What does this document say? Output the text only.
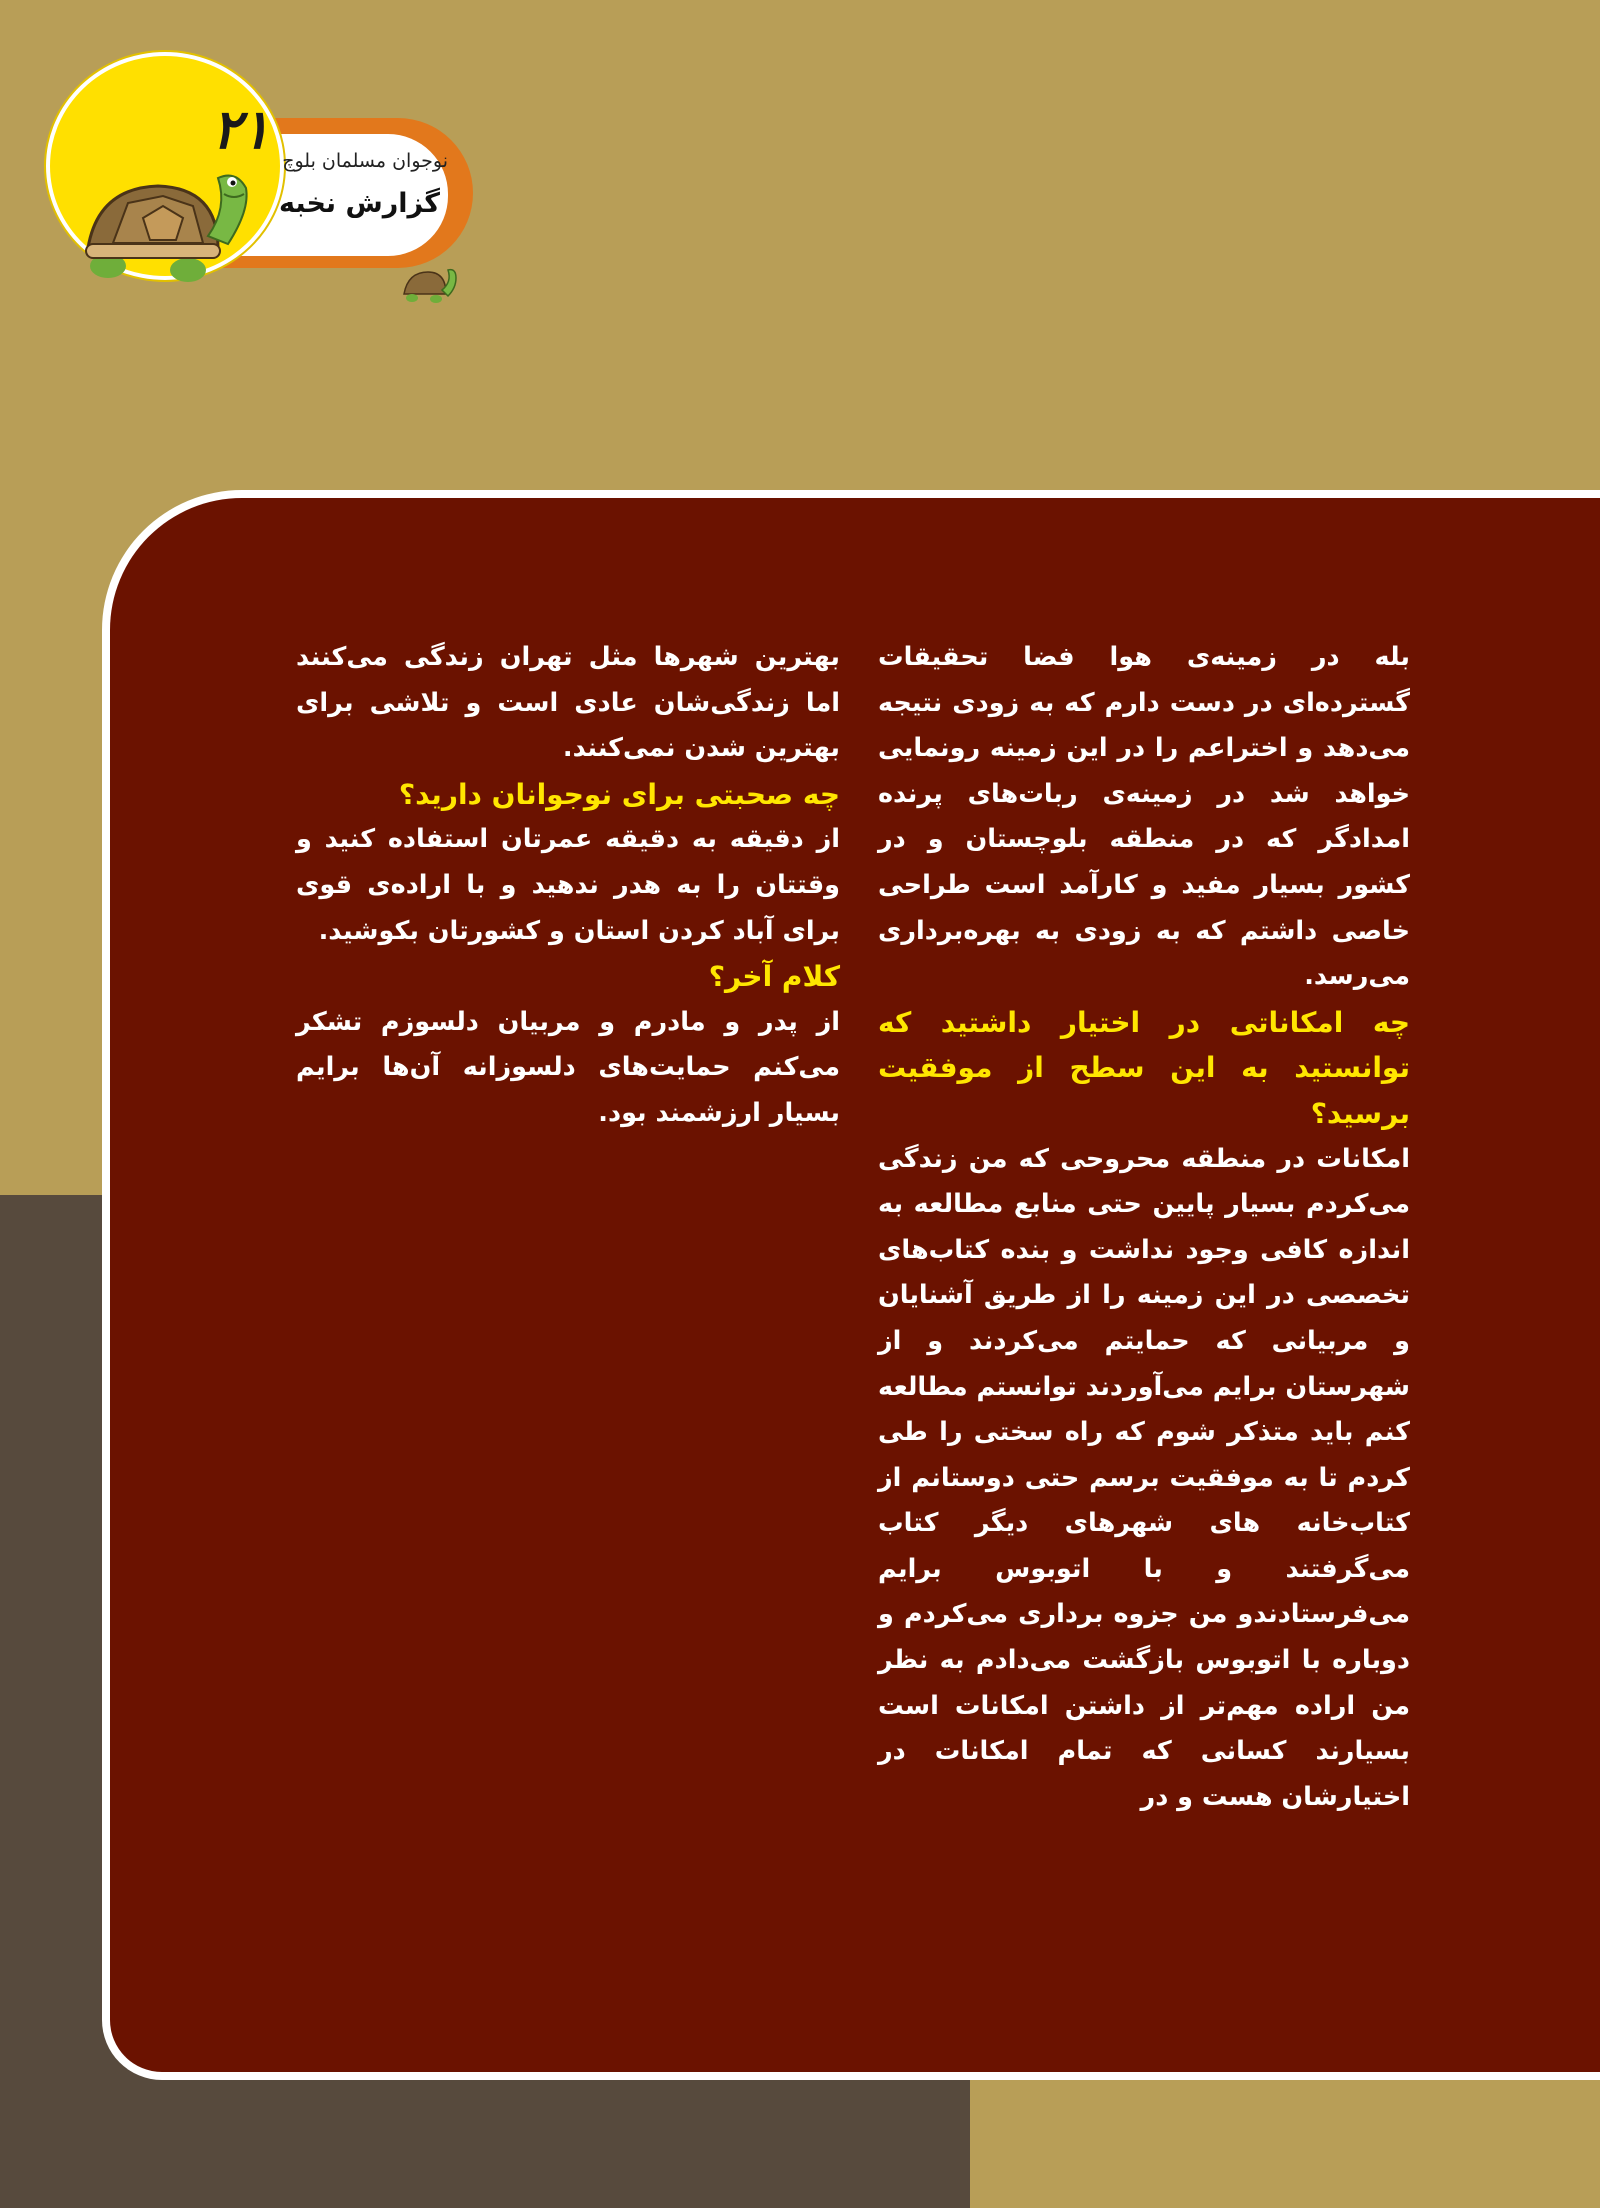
۲۱ نوجوان مسلمان بلوچ
گزارش نخبه

بله در زمینه‌ی هوا فضا تحقیقات گسترده‌ای در دست دارم که به زودی نتیجه می‌دهد و اختراعم را در این زمینه رونمایی خواهد شد در زمینه‌ی ربات‌های پرنده امدادگر که در منطقه بلوچستان و در کشور بسیار مفید و کارآمد است طراحی خاصی داشتم که به زودی به بهره‌برداری می‌رسد.

چه امکاناتی در اختیار داشتید که توانستید به این سطح از موفقیت برسید؟

امکانات در منطقه محروحی که من زندگی می‌کردم بسیار پایین حتی منابع مطالعه به اندازه کافی وجود نداشت و بنده کتاب‌های تخصصی در این زمینه را از طریق آشنایان و مربیانی که حمایتم می‌کردند و از شهرستان برایم می‌آوردند توانستم مطالعه کنم باید متذکر شوم که راه سختی را طی کردم تا به موفقیت برسم حتی دوستانم از کتاب‌خانه های شهرهای دیگر کتاب می‌گرفتند و با اتوبوس برایم می‌فرستادندو من جزوه برداری می‌کردم و دوباره با اتوبوس بازگشت می‌دادم به نظر من اراده مهم‌تر از داشتن امکانات است بسیارند کسانی که تمام امکانات در اختیارشان هست و در

بهترین شهرها مثل تهران زندگی می‌کنند اما زندگی‌شان عادی است و تلاشی برای بهترین شدن نمی‌کنند.

چه صحبتی برای نوجوانان دارید؟

از دقیقه به دقیقه عمرتان استفاده کنید و وقتتان را به هدر ندهید و با اراده‌ی قوی برای آباد کردن استان و کشورتان بکوشید.

کلام آخر؟

از پدر و مادرم و مربیان دلسوزم تشکر می‌کنم حمایت‌های دلسوزانه آن‌ها برایم بسیار ارزشمند بود.
